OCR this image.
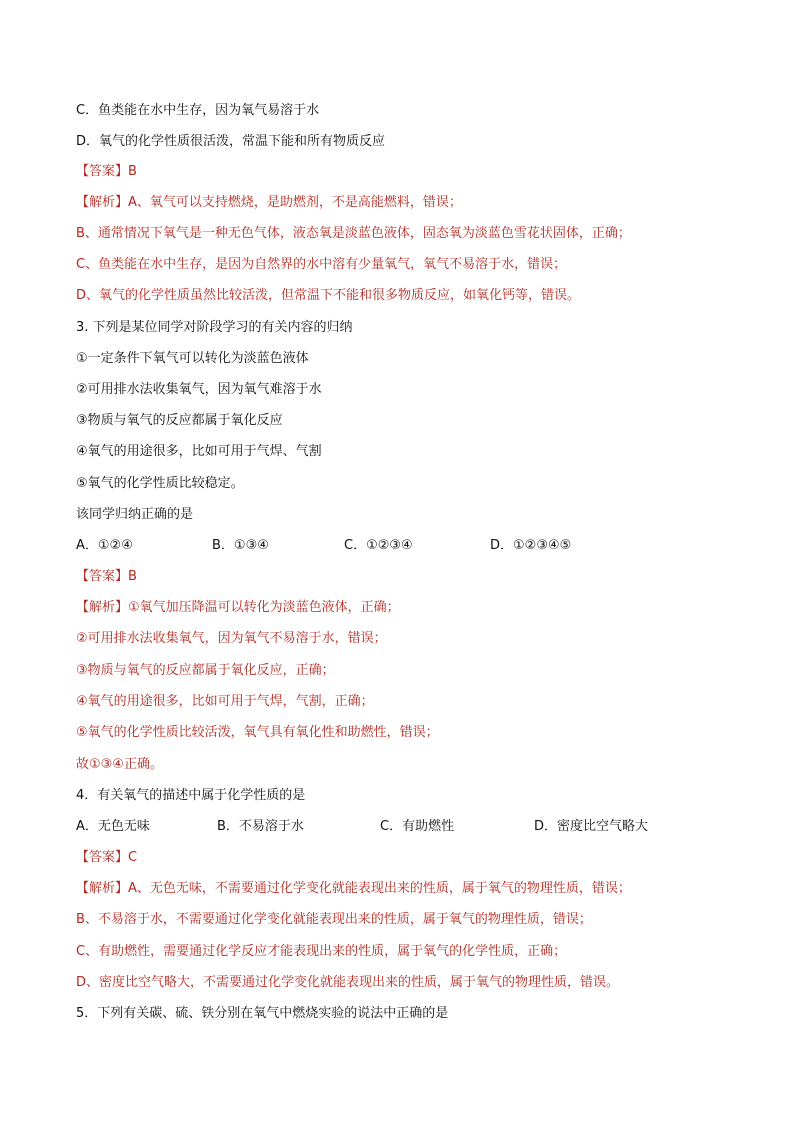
C．鱼类能在水中生存，因为氧气易溶于水
D．氧气的化学性质很活泼，常温下能和所有物质反应
【答案】B
【解析】A、氧气可以支持燃烧，是助燃剂，不是高能燃料，错误；
B、通常情况下氧气是一种无色气体，液态氧是淡蓝色液体，固态氧为淡蓝色雪花状固体，正确；
C、鱼类能在水中生存，是因为自然界的水中溶有少量氧气，氧气不易溶于水，错误；
D、氧气的化学性质虽然比较活泼，但常温下不能和很多物质反应，如氧化钙等，错误。
3. 下列是某位同学对阶段学习的有关内容的归纳
①一定条件下氧气可以转化为淡蓝色液体
②可用排水法收集氧气，因为氧气难溶于水
③物质与氧气的反应都属于氧化反应
④氧气的用途很多，比如可用于气焊、气割
⑤氧气的化学性质比较稳定。
该同学归纳正确的是
A．①②④	B．①③④	C．①②③④	D．①②③④⑤
【答案】B
【解析】①氧气加压降温可以转化为淡蓝色液体，正确；
②可用排水法收集氧气，因为氧气不易溶于水，错误；
③物质与氧气的反应都属于氧化反应，正确；
④氧气的用途很多，比如可用于气焊，气割，正确；
⑤氧气的化学性质比较活泼，氧气具有氧化性和助燃性，错误；
故①③④正确。
4．有关氧气的描述中属于化学性质的是
A．无色无味	B．不易溶于水	C．有助燃性	D．密度比空气略大
【答案】C
【解析】A、无色无味，不需要通过化学变化就能表现出来的性质，属于氧气的物理性质，错误；
B、不易溶于水，不需要通过化学变化就能表现出来的性质，属于氧气的物理性质，错误；
C、有助燃性，需要通过化学反应才能表现出来的性质，属于氧气的化学性质，正确；
D、密度比空气略大，不需要通过化学变化就能表现出来的性质，属于氧气的物理性质，错误。
5．下列有关碳、硫、铁分别在氧气中燃烧实验的说法中正确的是
